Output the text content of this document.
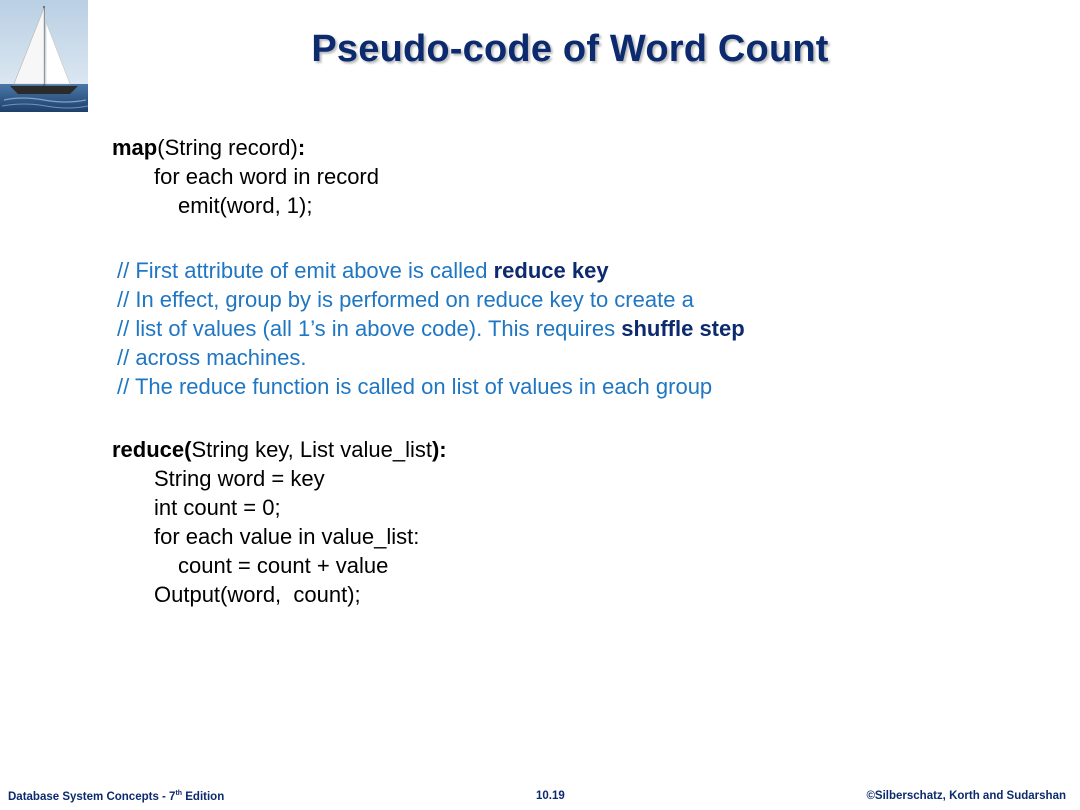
Pseudo-code of Word Count
map(String record):
for each word in record
emit(word, 1);
// First attribute of emit above is called reduce key
// In effect, group by is performed on reduce key to create a
// list of values (all 1’s in above code). This requires shuffle step
// across machines.
// The reduce function is called on list of values in each group
reduce(String key, List value_list):
String word = key
int count = 0;
for each value in value_list:
count = count + value
Output(word,  count);
Database System Concepts - 7th Edition	10.19	©Silberschatz, Korth and Sudarshan
